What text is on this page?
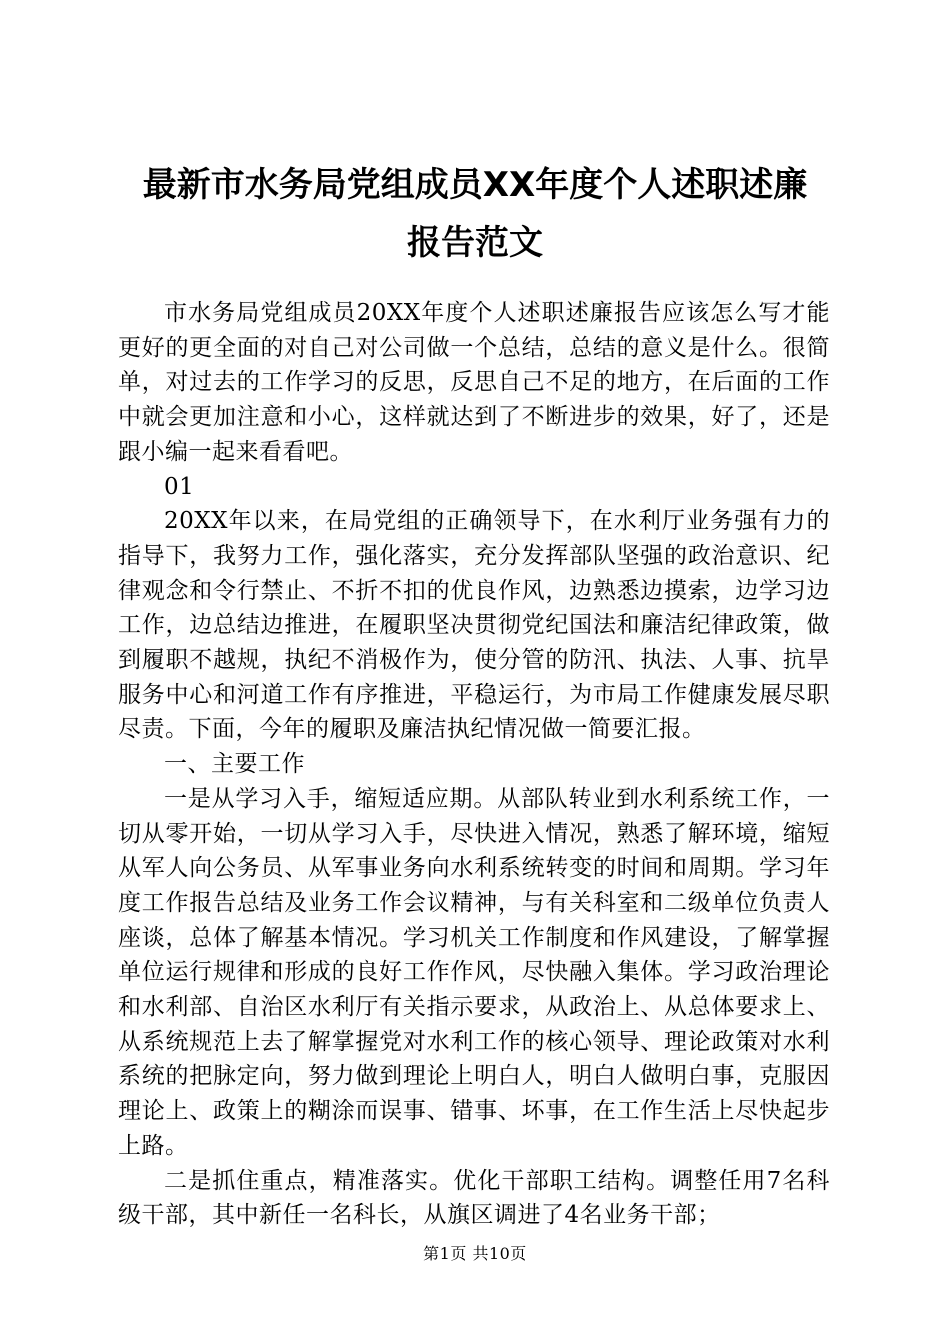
最新市水务局党组成员XX年度个人述职述廉
报告范文

市水务局党组成员20XX年度个人述职述廉报告应该怎么写才能更好的更全面的对自己对公司做一个总结，总结的意义是什么。很简单，对过去的工作学习的反思，反思自己不足的地方，在后面的工作中就会更加注意和小心，这样就达到了不断进步的效果，好了，还是跟小编一起来看看吧。

01

20XX年以来，在局党组的正确领导下，在水利厅业务强有力的指导下，我努力工作，强化落实，充分发挥部队坚强的政治意识、纪律观念和令行禁止、不折不扣的优良作风，边熟悉边摸索，边学习边工作，边总结边推进，在履职坚决贯彻党纪国法和廉洁纪律政策，做到履职不越规，执纪不消极作为，使分管的防汛、执法、人事、抗旱服务中心和河道工作有序推进，平稳运行，为市局工作健康发展尽职尽责。下面，今年的履职及廉洁执纪情况做一简要汇报。

一、主要工作

一是从学习入手，缩短适应期。从部队转业到水利系统工作，一切从零开始，一切从学习入手，尽快进入情况，熟悉了解环境，缩短从军人向公务员、从军事业务向水利系统转变的时间和周期。学习年度工作报告总结及业务工作会议精神，与有关科室和二级单位负责人座谈，总体了解基本情况。学习机关工作制度和作风建设，了解掌握单位运行规律和形成的良好工作作风，尽快融入集体。学习政治理论和水利部、自治区水利厅有关指示要求，从政治上、从总体要求上、从系统规范上去了解掌握党对水利工作的核心领导、理论政策对水利系统的把脉定向，努力做到理论上明白人，明白人做明白事，克服因理论上、政策上的糊涂而误事、错事、坏事，在工作生活上尽快起步上路。

二是抓住重点，精准落实。优化干部职工结构。调整任用7名科级干部，其中新任一名科长，从旗区调进了4名业务干部；

第1页 共10页
